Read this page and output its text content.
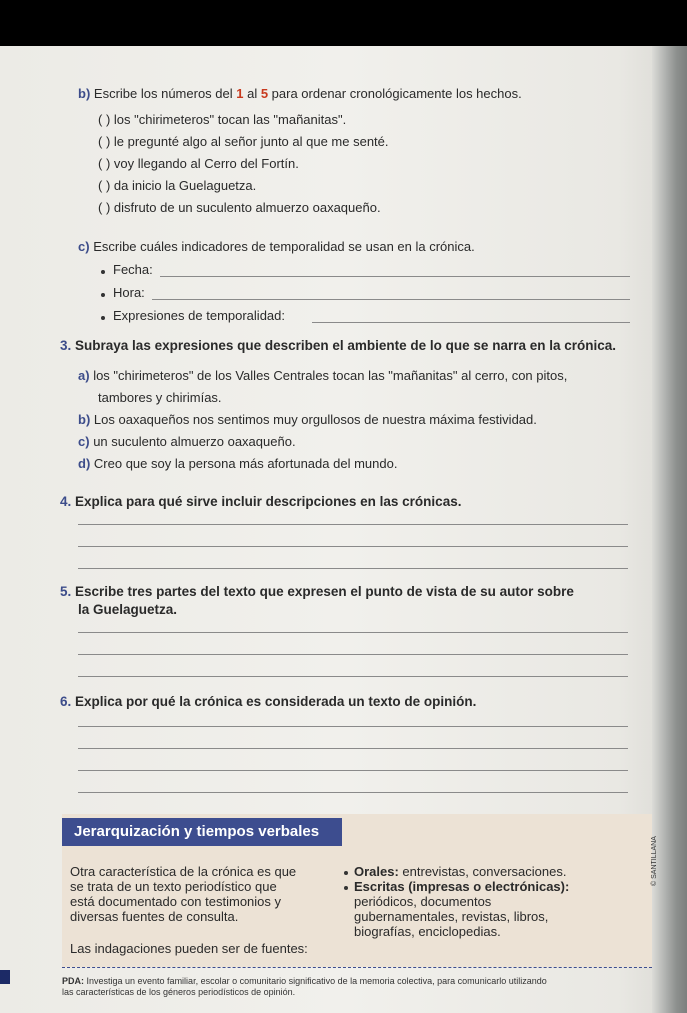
b) Escribe los números del 1 al 5 para ordenar cronológicamente los hechos.
( ) los "chirimeteros" tocan las "mañanitas".
( ) le pregunté algo al señor junto al que me senté.
( ) voy llegando al Cerro del Fortín.
( ) da inicio la Guelaguetza.
( ) disfruto de un suculento almuerzo oaxaqueño.
c) Escribe cuáles indicadores de temporalidad se usan en la crónica.
Fecha:
Hora:
Expresiones de temporalidad:
3. Subraya las expresiones que describen el ambiente de lo que se narra en la crónica.
a) los "chirimeteros" de los Valles Centrales tocan las "mañanitas" al cerro, con pitos,
tambores y chirimías.
b) Los oaxaqueños nos sentimos muy orgullosos de nuestra máxima festividad.
c) un suculento almuerzo oaxaqueño.
d) Creo que soy la persona más afortunada del mundo.
4. Explica para qué sirve incluir descripciones en las crónicas.
5. Escribe tres partes del texto que expresen el punto de vista de su autor sobre
la Guelaguetza.
6. Explica por qué la crónica es considerada un texto de opinión.
Jerarquización y tiempos verbales
Otra característica de la crónica es que
se trata de un texto periodístico que
está documentado con testimonios y
diversas fuentes de consulta.
Las indagaciones pueden ser de fuentes:
Orales: entrevistas, conversaciones.
Escritas (impresas o electrónicas):
periódicos, documentos
gubernamentales, revistas, libros,
biografías, enciclopedias.
PDA: Investiga un evento familiar, escolar o comunitario significativo de la memoria colectiva, para comunicarlo utilizando
las características de los géneros periodísticos de opinión.
© SANTILLANA
